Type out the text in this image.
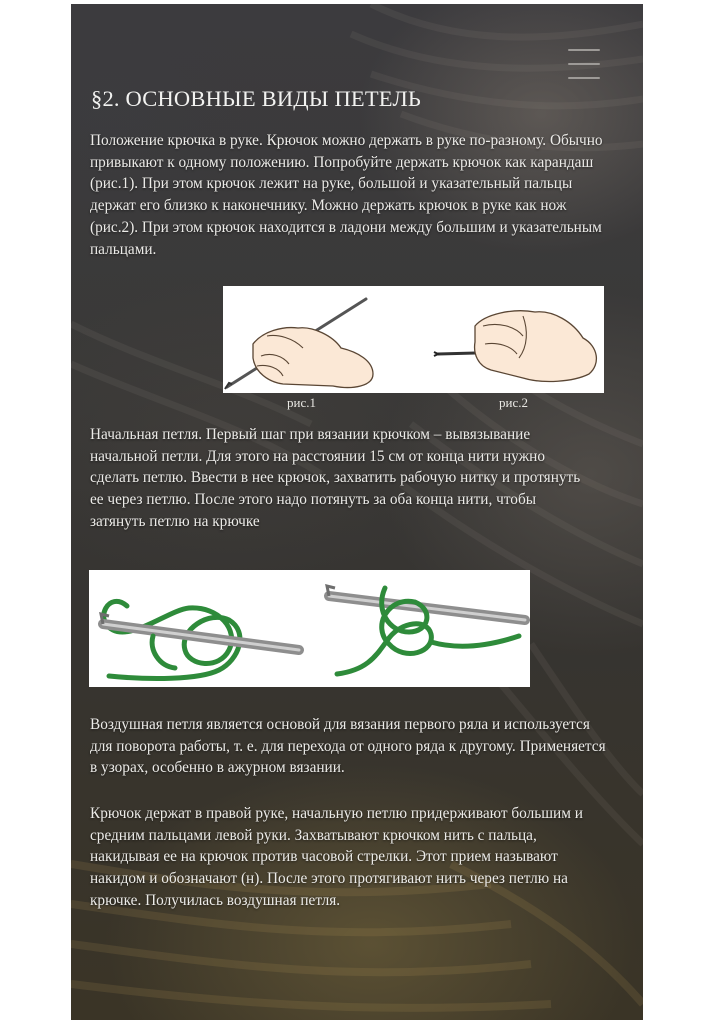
§2. ОСНОВНЫЕ ВИДЫ ПЕТЕЛЬ

Положение крючка в руке. Крючок можно держать в руке по-разному. Обычно привыкают к одному положению. Попробуйте держать крючок как карандаш (рис.1). При этом крючок лежит на руке, большой и указательный пальцы держат его близко к наконечнику. Можно держать крючок в руке как нож (рис.2). При этом крючок находится в ладони между большим и указательным пальцами.

рис.1	рис.2

Начальная петля. Первый шаг при вязании крючком – вывязывание начальной петли. Для этого на расстоянии 15 см от конца нити нужно сделать петлю. Ввести в нее крючок, захватить рабочую нитку и протянуть ее через петлю. После этого надо потянуть за оба конца нити, чтобы затянуть петлю на крючке

Воздушная петля является основой для вязания первого ряла и используется для поворота работы, т. е. для перехода от одного ряда к другому. Применяется в узорах, особенно в ажурном вязании.

Крючок держат в правой руке, начальную петлю придерживают большим и средним пальцами левой руки. Захватывают крючком нить с пальца, накидывая ее на крючок против часовой стрелки. Этот прием называют накидом и обозначают (н). После этого протягивают нить через петлю на крючке. Получилась воздушная петля.
